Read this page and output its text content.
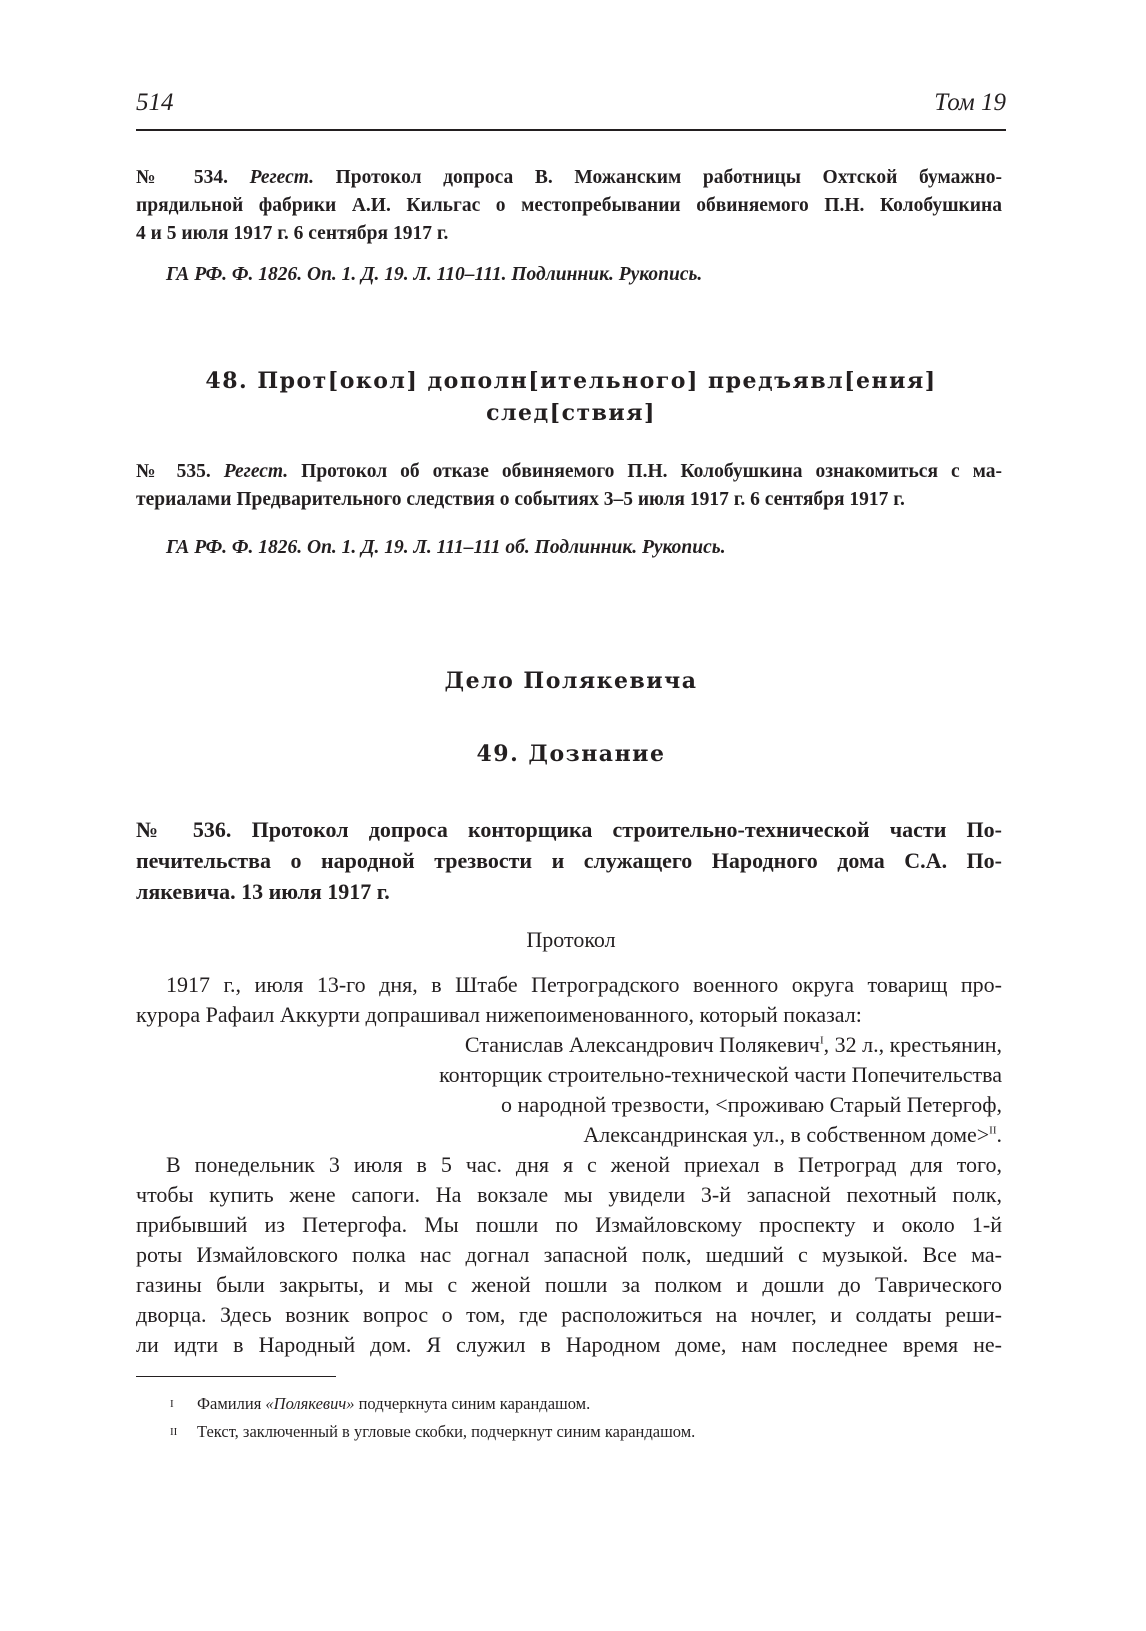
514	Том 19
№ 534. Регест. Протокол допроса В. Можанским работницы Охтской бумажно-
прядильной фабрики А.И. Кильгас о местопребывании обвиняемого П.Н. Колобушкина
4 и 5 июля 1917 г. 6 сентября 1917 г.
ГА РФ. Ф. 1826. Оп. 1. Д. 19. Л. 110–111. Подлинник. Рукопись.
48. Прот[окол] дополн[ительного] предъявл[ения]
след[ствия]
№ 535. Регест. Протокол об отказе обвиняемого П.Н. Колобушкина ознакомиться с ма-
териалами Предварительного следствия о событиях 3–5 июля 1917 г. 6 сентября 1917 г.
ГА РФ. Ф. 1826. Оп. 1. Д. 19. Л. 111–111 об. Подлинник. Рукопись.
Дело Полякевича
49. Дознание
№ 536. Протокол допроса конторщика строительно-технической части По-
печительства о народной трезвости и служащего Народного дома С.А. По-
лякевича. 13 июля 1917 г.
Протокол
1917 г., июля 13-го дня, в Штабе Петроградского военного округа товарищ про-
курора Рафаил Аккурти допрашивал нижепоименованного, который показал:
Станислав Александрович Полякевич$^I$, 32 л., крестьянин,
конторщик строительно-технической части Попечительства
о народной трезвости, <проживаю Старый Петергоф,
Александринская ул., в собственном доме>$^{II}$.
В понедельник 3 июля в 5 час. дня я с женой приехал в Петроград для того,
чтобы купить жене сапоги. На вокзале мы увидели 3-й запасной пехотный полк,
прибывший из Петергофа. Мы пошли по Измайловскому проспекту и около 1-й
роты Измайловского полка нас догнал запасной полк, шедший с музыкой. Все ма-
газины были закрыты, и мы с женой пошли за полком и дошли до Таврического
дворца. Здесь возник вопрос о том, где расположиться на ночлег, и солдаты реши-
ли идти в Народный дом. Я служил в Народном доме, нам последнее время не-
I Фамилия «Полякевич» подчеркнута синим карандашом.
II Текст, заключенный в угловые скобки, подчеркнут синим карандашом.
